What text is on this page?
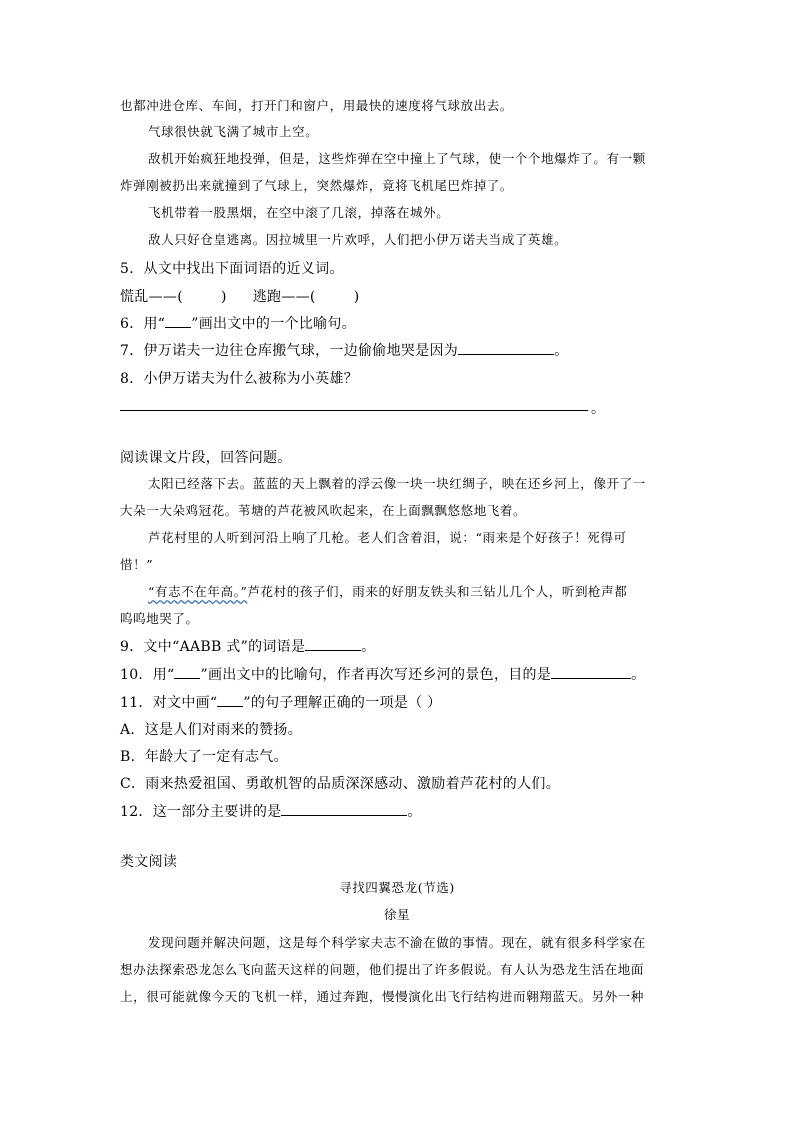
也都冲进仓库、车间，打开门和窗户，用最快的速度将气球放出去。
气球很快就飞满了城市上空。
敌机开始疯狂地投弹，但是，这些炸弹在空中撞上了气球，使一个个地爆炸了。有一颗
炸弹刚被扔出来就撞到了气球上，突然爆炸，竟将飞机尾巴炸掉了。
飞机带着一股黑烟，在空中滚了几滚，掉落在城外。
敌人只好仓皇逃离。因拉城里一片欢呼，人们把小伊万诺夫当成了英雄。
5．从文中找出下面词语的近义词。
慌乱——(	) 逃跑——(	)
6．用“ ”画出文中的一个比喻句。
7．伊万诺夫一边往仓库搬气球，一边偷偷地哭是因为	。
8．小伊万诺夫为什么被称为小英雄？
。
阅读课文片段，回答问题。
太阳已经落下去。蓝蓝的天上飘着的浮云像一块一块红绸子，映在还乡河上，像开了一
大朵一大朵鸡冠花。苇塘的芦花被风吹起来，在上面飘飘悠悠地飞着。
芦花村里的人听到河沿上响了几枪。老人们含着泪，说：“雨来是个好孩子！死得可
惜！”
“有志不在年高。”芦花村的孩子们，雨来的好朋友铁头和三钻儿几个人，听到枪声都
呜呜地哭了。
9．文中“AABB 式”的词语是	。
10．用“ ”画出文中的比喻句，作者再次写还乡河的景色，目的是	。
11．对文中画“ ”的句子理解正确的一项是（ ）
A．这是人们对雨来的赞扬。
B．年龄大了一定有志气。
C．雨来热爱祖国、勇敢机智的品质深深感动、激励着芦花村的人们。
12．这一部分主要讲的是	。
类文阅读
寻找四翼恐龙(节选)
徐星
发现问题并解决问题，这是每个科学家夫志不渝在做的事情。现在，就有很多科学家在
想办法探索恐龙怎么飞向蓝天这样的问题，他们提出了许多假说。有人认为恐龙生活在地面
上，很可能就像今天的飞机一样，通过奔跑，慢慢演化出飞行结构进而翱翔蓝天。另外一种
